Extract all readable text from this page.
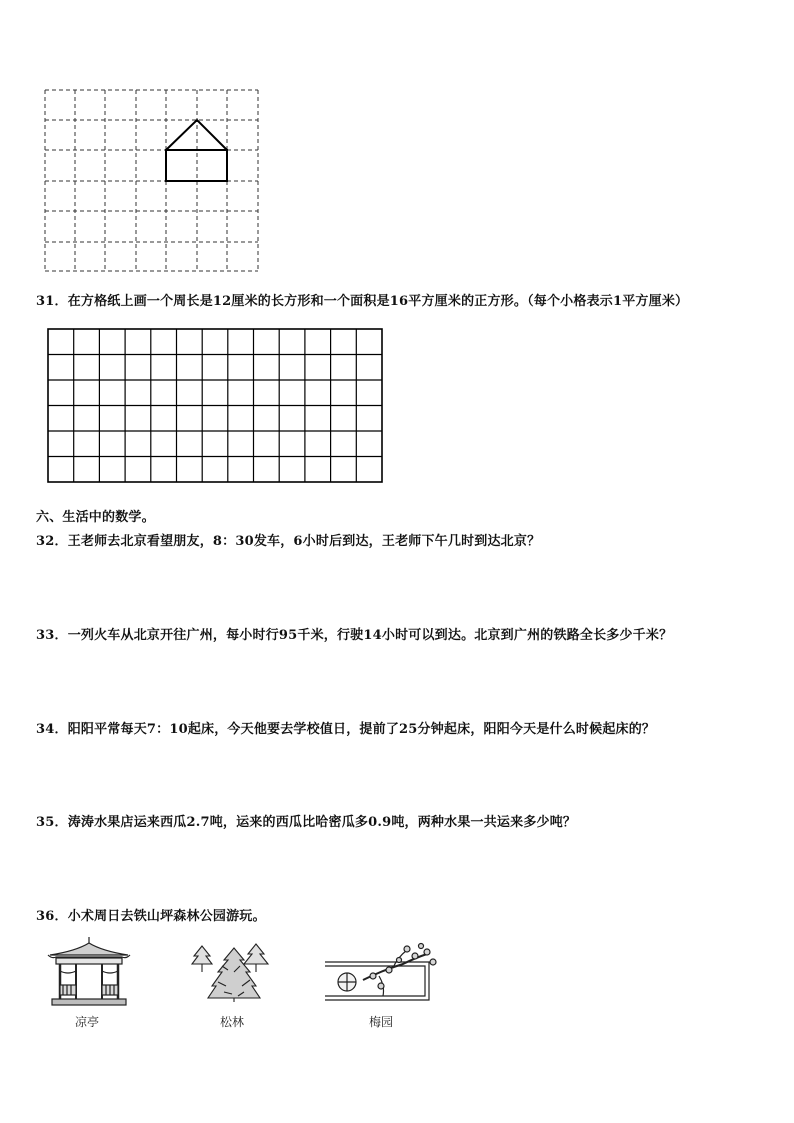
31．在方格纸上画一个周长是12厘米的长方形和一个面积是16平方厘米的正方形。（每个小格表示1平方厘米）
六、生活中的数学。
32．王老师去北京看望朋友，8：30发车，6小时后到达，王老师下午几时到达北京？
33．一列火车从北京开往广州，每小时行95千米，行驶14小时可以到达。北京到广州的铁路全长多少千米？
34．阳阳平常每天7：10起床，今天他要去学校值日，提前了25分钟起床，阳阳今天是什么时候起床的？
35．涛涛水果店运来西瓜2.7吨，运来的西瓜比哈密瓜多0.9吨，两种水果一共运来多少吨？
36．小术周日去铁山坪森林公园游玩。
凉亭	松林	梅园
